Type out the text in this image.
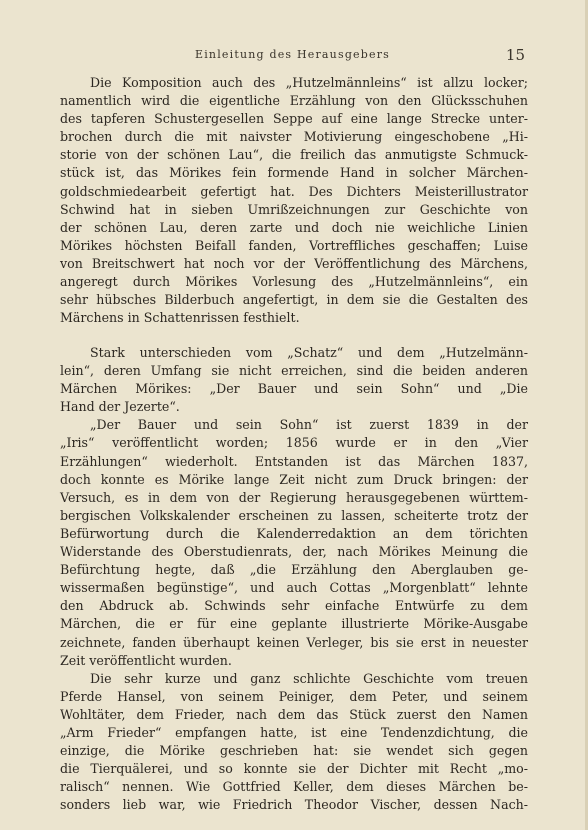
Einleitung des Herausgebers	15
Die Komposition auch des „Hutzelmännleins“ ist allzu locker;
namentlich wird die eigentliche Erzählung von den Glücksschuhen
des tapferen Schustergesellen Seppe auf eine lange Strecke unter-
brochen durch die mit naivster Motivierung eingeschobene „Hi-
storie von der schönen Lau“, die freilich das anmutigste Schmuck-
stück ist, das Mörikes fein formende Hand in solcher Märchen-
goldschmiedearbeit gefertigt hat. Des Dichters Meisterillustrator
Schwind hat in sieben Umrißzeichnungen zur Geschichte von
der schönen Lau, deren zarte und doch nie weichliche Linien
Mörikes höchsten Beifall fanden, Vortreffliches geschaffen; Luise
von Breitschwert hat noch vor der Veröffentlichung des Märchens,
angeregt durch Mörikes Vorlesung des „Hutzelmännleins“, ein
sehr hübsches Bilderbuch angefertigt, in dem sie die Gestalten des
Märchens in Schattenrissen festhielt.
Stark unterschieden vom „Schatz“ und dem „Hutzelmänn-
lein“, deren Umfang sie nicht erreichen, sind die beiden anderen
Märchen Mörikes: „Der Bauer und sein Sohn“ und „Die
Hand der Jezerte“.
„Der Bauer und sein Sohn“ ist zuerst 1839 in der
„Iris“ veröffentlicht worden; 1856 wurde er in den „Vier
Erzählungen“ wiederholt. Entstanden ist das Märchen 1837,
doch konnte es Mörike lange Zeit nicht zum Druck bringen: der
Versuch, es in dem von der Regierung herausgegebenen württem-
bergischen Volkskalender erscheinen zu lassen, scheiterte trotz der
Befürwortung durch die Kalenderredaktion an dem törichten
Widerstande des Oberstudienrats, der, nach Mörikes Meinung die
Befürchtung hegte, daß „die Erzählung den Aberglauben ge-
wissermaßen begünstige“, und auch Cottas „Morgenblatt“ lehnte
den Abdruck ab. Schwinds sehr einfache Entwürfe zu dem
Märchen, die er für eine geplante illustrierte Mörike-Ausgabe
zeichnete, fanden überhaupt keinen Verleger, bis sie erst in neuester
Zeit veröffentlicht wurden.
Die sehr kurze und ganz schlichte Geschichte vom treuen
Pferde Hansel, von seinem Peiniger, dem Peter, und seinem
Wohltäter, dem Frieder, nach dem das Stück zuerst den Namen
„Arm Frieder“ empfangen hatte, ist eine Tendenzdichtung, die
einzige, die Mörike geschrieben hat: sie wendet sich gegen
die Tierquälerei, und so konnte sie der Dichter mit Recht „mo-
ralisch“ nennen. Wie Gottfried Keller, dem dieses Märchen be-
sonders lieb war, wie Friedrich Theodor Vischer, dessen Nach-
